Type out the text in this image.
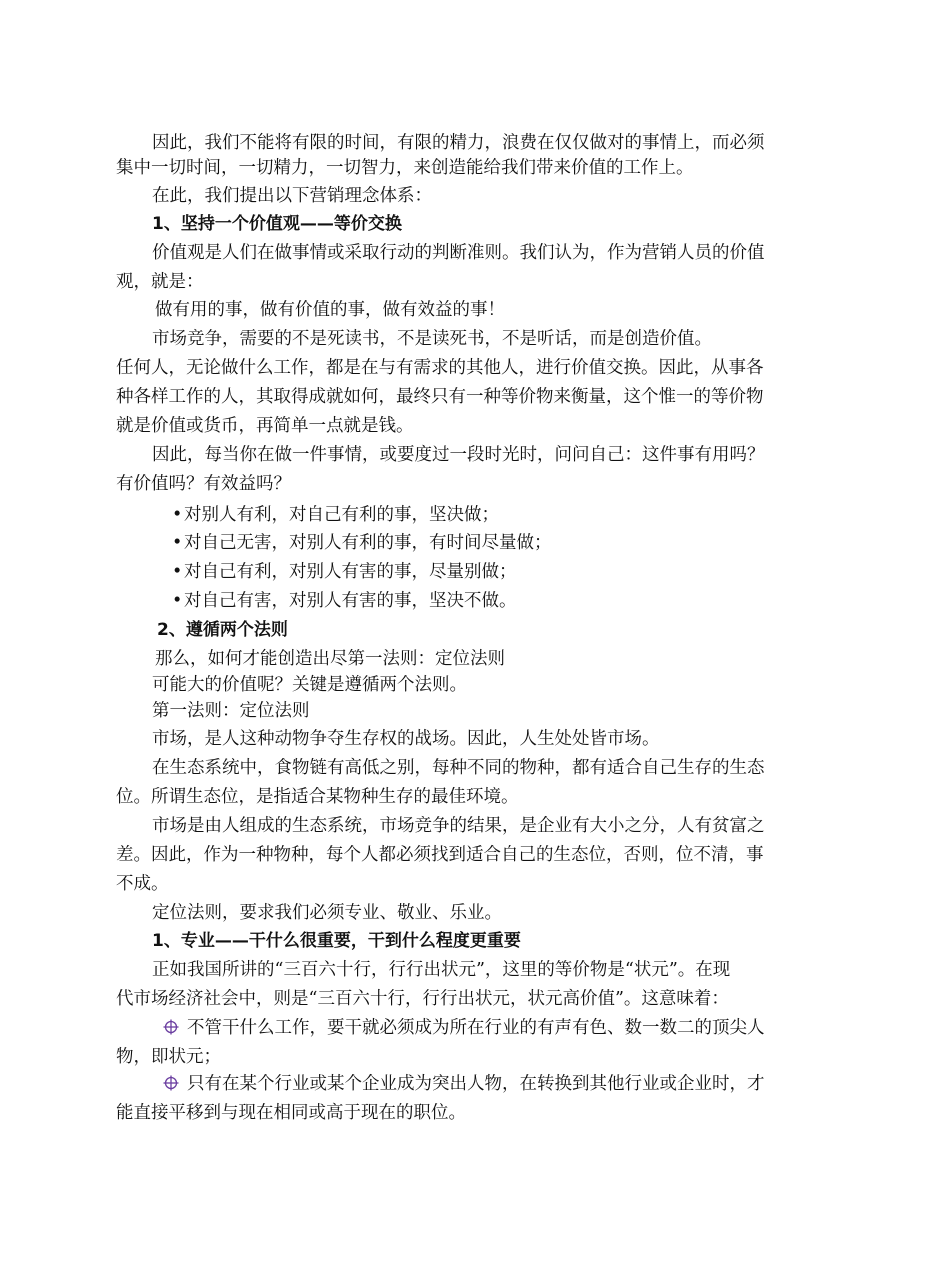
因此，我们不能将有限的时间，有限的精力，浪费在仅仅做对的事情上，而必须
集中一切时间，一切精力，一切智力，来创造能给我们带来价值的工作上。
在此，我们提出以下营销理念体系：
1、坚持一个价值观——等价交换
价值观是人们在做事情或采取行动的判断准则。我们认为，作为营销人员的价值
观，就是：
做有用的事，做有价值的事，做有效益的事！
市场竞争，需要的不是死读书，不是读死书，不是听话，而是创造价值。
任何人，无论做什么工作，都是在与有需求的其他人，进行价值交换。因此，从事各
种各样工作的人，其取得成就如何，最终只有一种等价物来衡量，这个惟一的等价物
就是价值或货币，再简单一点就是钱。
因此，每当你在做一件事情，或要度过一段时光时，问问自己：这件事有用吗？
有价值吗？有效益吗？
•对别人有利，对自己有利的事，坚决做；
•对自己无害，对别人有利的事，有时间尽量做；
•对自己有利，对别人有害的事，尽量别做；
•对自己有害，对别人有害的事，坚决不做。
2、遵循两个法则
那么，如何才能创造出尽第一法则：定位法则
可能大的价值呢？关键是遵循两个法则。
第一法则：定位法则
市场，是人这种动物争夺生存权的战场。因此，人生处处皆市场。
在生态系统中，食物链有高低之别，每种不同的物种，都有适合自己生存的生态
位。所谓生态位，是指适合某物种生存的最佳环境。
市场是由人组成的生态系统，市场竞争的结果，是企业有大小之分，人有贫富之
差。因此，作为一种物种，每个人都必须找到适合自己的生态位，否则，位不清，事
不成。
定位法则，要求我们必须专业、敬业、乐业。
1、专业——干什么很重要，干到什么程度更重要
正如我国所讲的“三百六十行，行行出状元”，这里的等价物是“状元”。在现
代市场经济社会中，则是“三百六十行，行行出状元，状元高价值”。这意味着：
不管干什么工作，要干就必须成为所在行业的有声有色、数一数二的顶尖人
物，即状元；
只有在某个行业或某个企业成为突出人物，在转换到其他行业或企业时，才
能直接平移到与现在相同或高于现在的职位。
